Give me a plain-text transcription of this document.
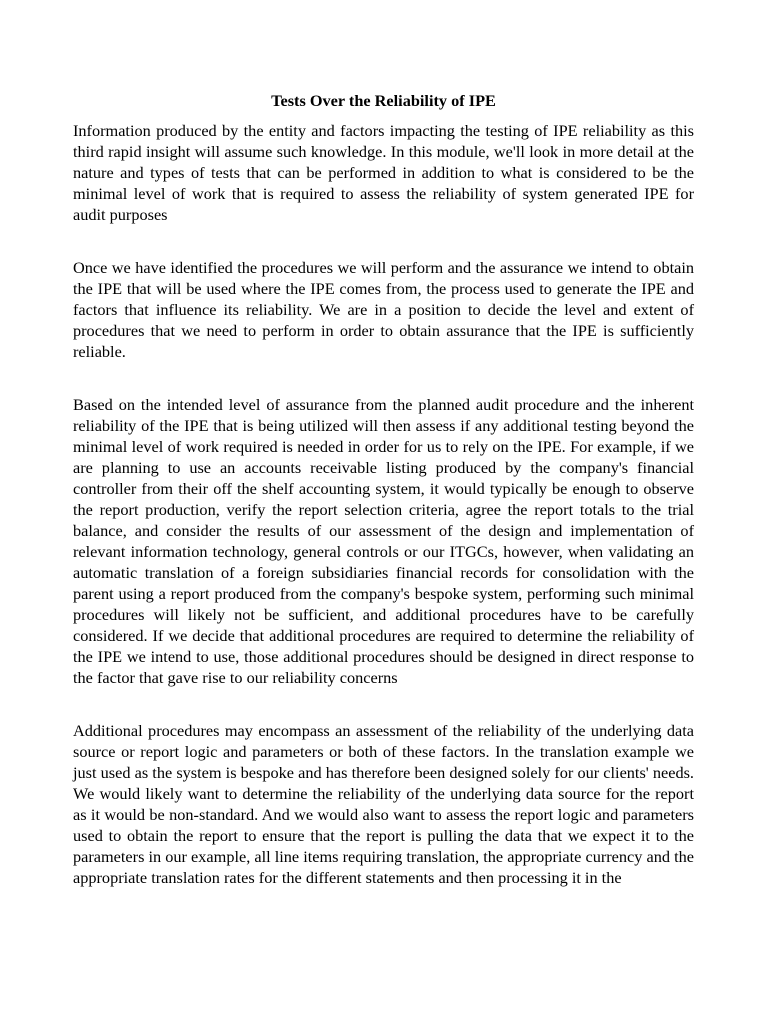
Tests Over the Reliability of IPE

Information produced by the entity and factors impacting the testing of IPE reliability as this third rapid insight will assume such knowledge. In this module, we'll look in more detail at the nature and types of tests that can be performed in addition to what is considered to be the minimal level of work that is required to assess the reliability of system generated IPE for audit purposes

Once we have identified the procedures we will perform and the assurance we intend to obtain the IPE that will be used where the IPE comes from, the process used to generate the IPE and factors that influence its reliability. We are in a position to decide the level and extent of procedures that we need to perform in order to obtain assurance that the IPE is sufficiently reliable.

Based on the intended level of assurance from the planned audit procedure and the inherent reliability of the IPE that is being utilized will then assess if any additional testing beyond the minimal level of work required is needed in order for us to rely on the IPE. For example, if we are planning to use an accounts receivable listing produced by the company's financial controller from their off the shelf accounting system, it would typically be enough to observe the report production, verify the report selection criteria, agree the report totals to the trial balance, and consider the results of our assessment of the design and implementation of relevant information technology, general controls or our ITGCs, however, when validating an automatic translation of a foreign subsidiaries financial records for consolidation with the parent using a report produced from the company's bespoke system, performing such minimal procedures will likely not be sufficient, and additional procedures have to be carefully considered. If we decide that additional procedures are required to determine the reliability of the IPE we intend to use, those additional procedures should be designed in direct response to the factor that gave rise to our reliability concerns

Additional procedures may encompass an assessment of the reliability of the underlying data source or report logic and parameters or both of these factors. In the translation example we just used as the system is bespoke and has therefore been designed solely for our clients' needs. We would likely want to determine the reliability of the underlying data source for the report as it would be non-standard. And we would also want to assess the report logic and parameters used to obtain the report to ensure that the report is pulling the data that we expect it to the parameters in our example, all line items requiring translation, the appropriate currency and the appropriate translation rates for the different statements and then processing it in the
